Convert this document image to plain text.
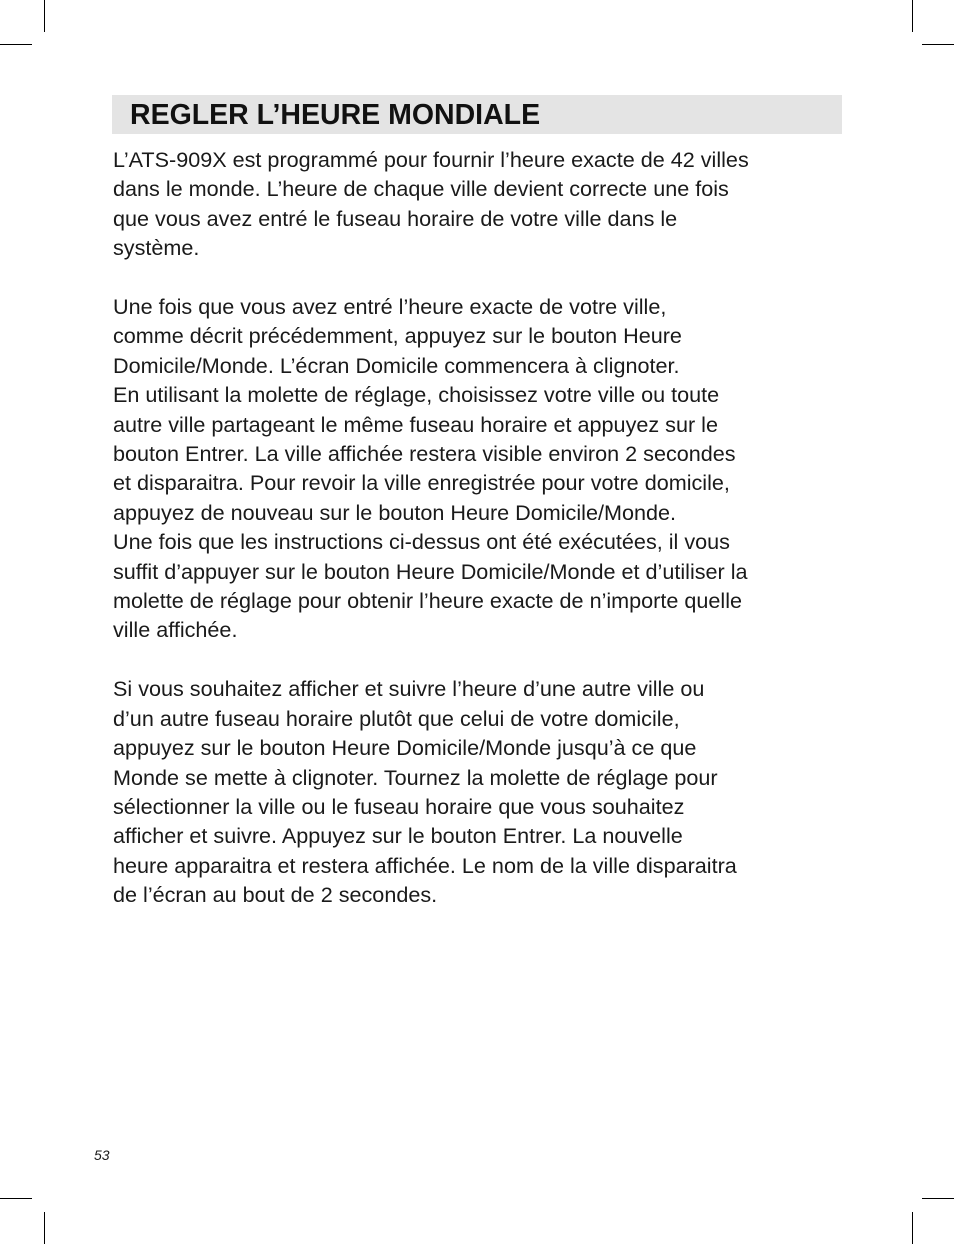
REGLER L’HEURE MONDIALE

L’ATS-909X est programmé pour fournir l’heure exacte de 42 villes
dans le monde. L’heure de chaque ville devient correcte une fois
que vous avez entré le fuseau horaire de votre ville dans le
système.

Une fois que vous avez entré l’heure exacte de votre ville,
comme décrit précédemment, appuyez sur le bouton Heure
Domicile/Monde. L’écran Domicile commencera à clignoter.
En utilisant la molette de réglage, choisissez votre ville ou toute
autre ville partageant le même fuseau horaire et appuyez sur le
bouton Entrer. La ville affichée restera visible environ 2 secondes
et disparaitra. Pour revoir la ville enregistrée pour votre domicile,
appuyez de nouveau sur le bouton Heure Domicile/Monde.
Une fois que les instructions ci-dessus ont été exécutées, il vous
suffit d’appuyer sur le bouton Heure Domicile/Monde et d’utiliser la
molette de réglage pour obtenir l’heure exacte de n’importe quelle
ville affichée.

Si vous souhaitez afficher et suivre l’heure d’une autre ville ou
d’un autre fuseau horaire plutôt que celui de votre domicile,
appuyez sur le bouton Heure Domicile/Monde jusqu’à ce que
Monde se mette à clignoter. Tournez la molette de réglage pour
sélectionner la ville ou le fuseau horaire que vous souhaitez
afficher et suivre. Appuyez sur le bouton Entrer. La nouvelle
heure apparaitra et restera affichée. Le nom de la ville disparaitra
de l’écran au bout de 2 secondes.

53
